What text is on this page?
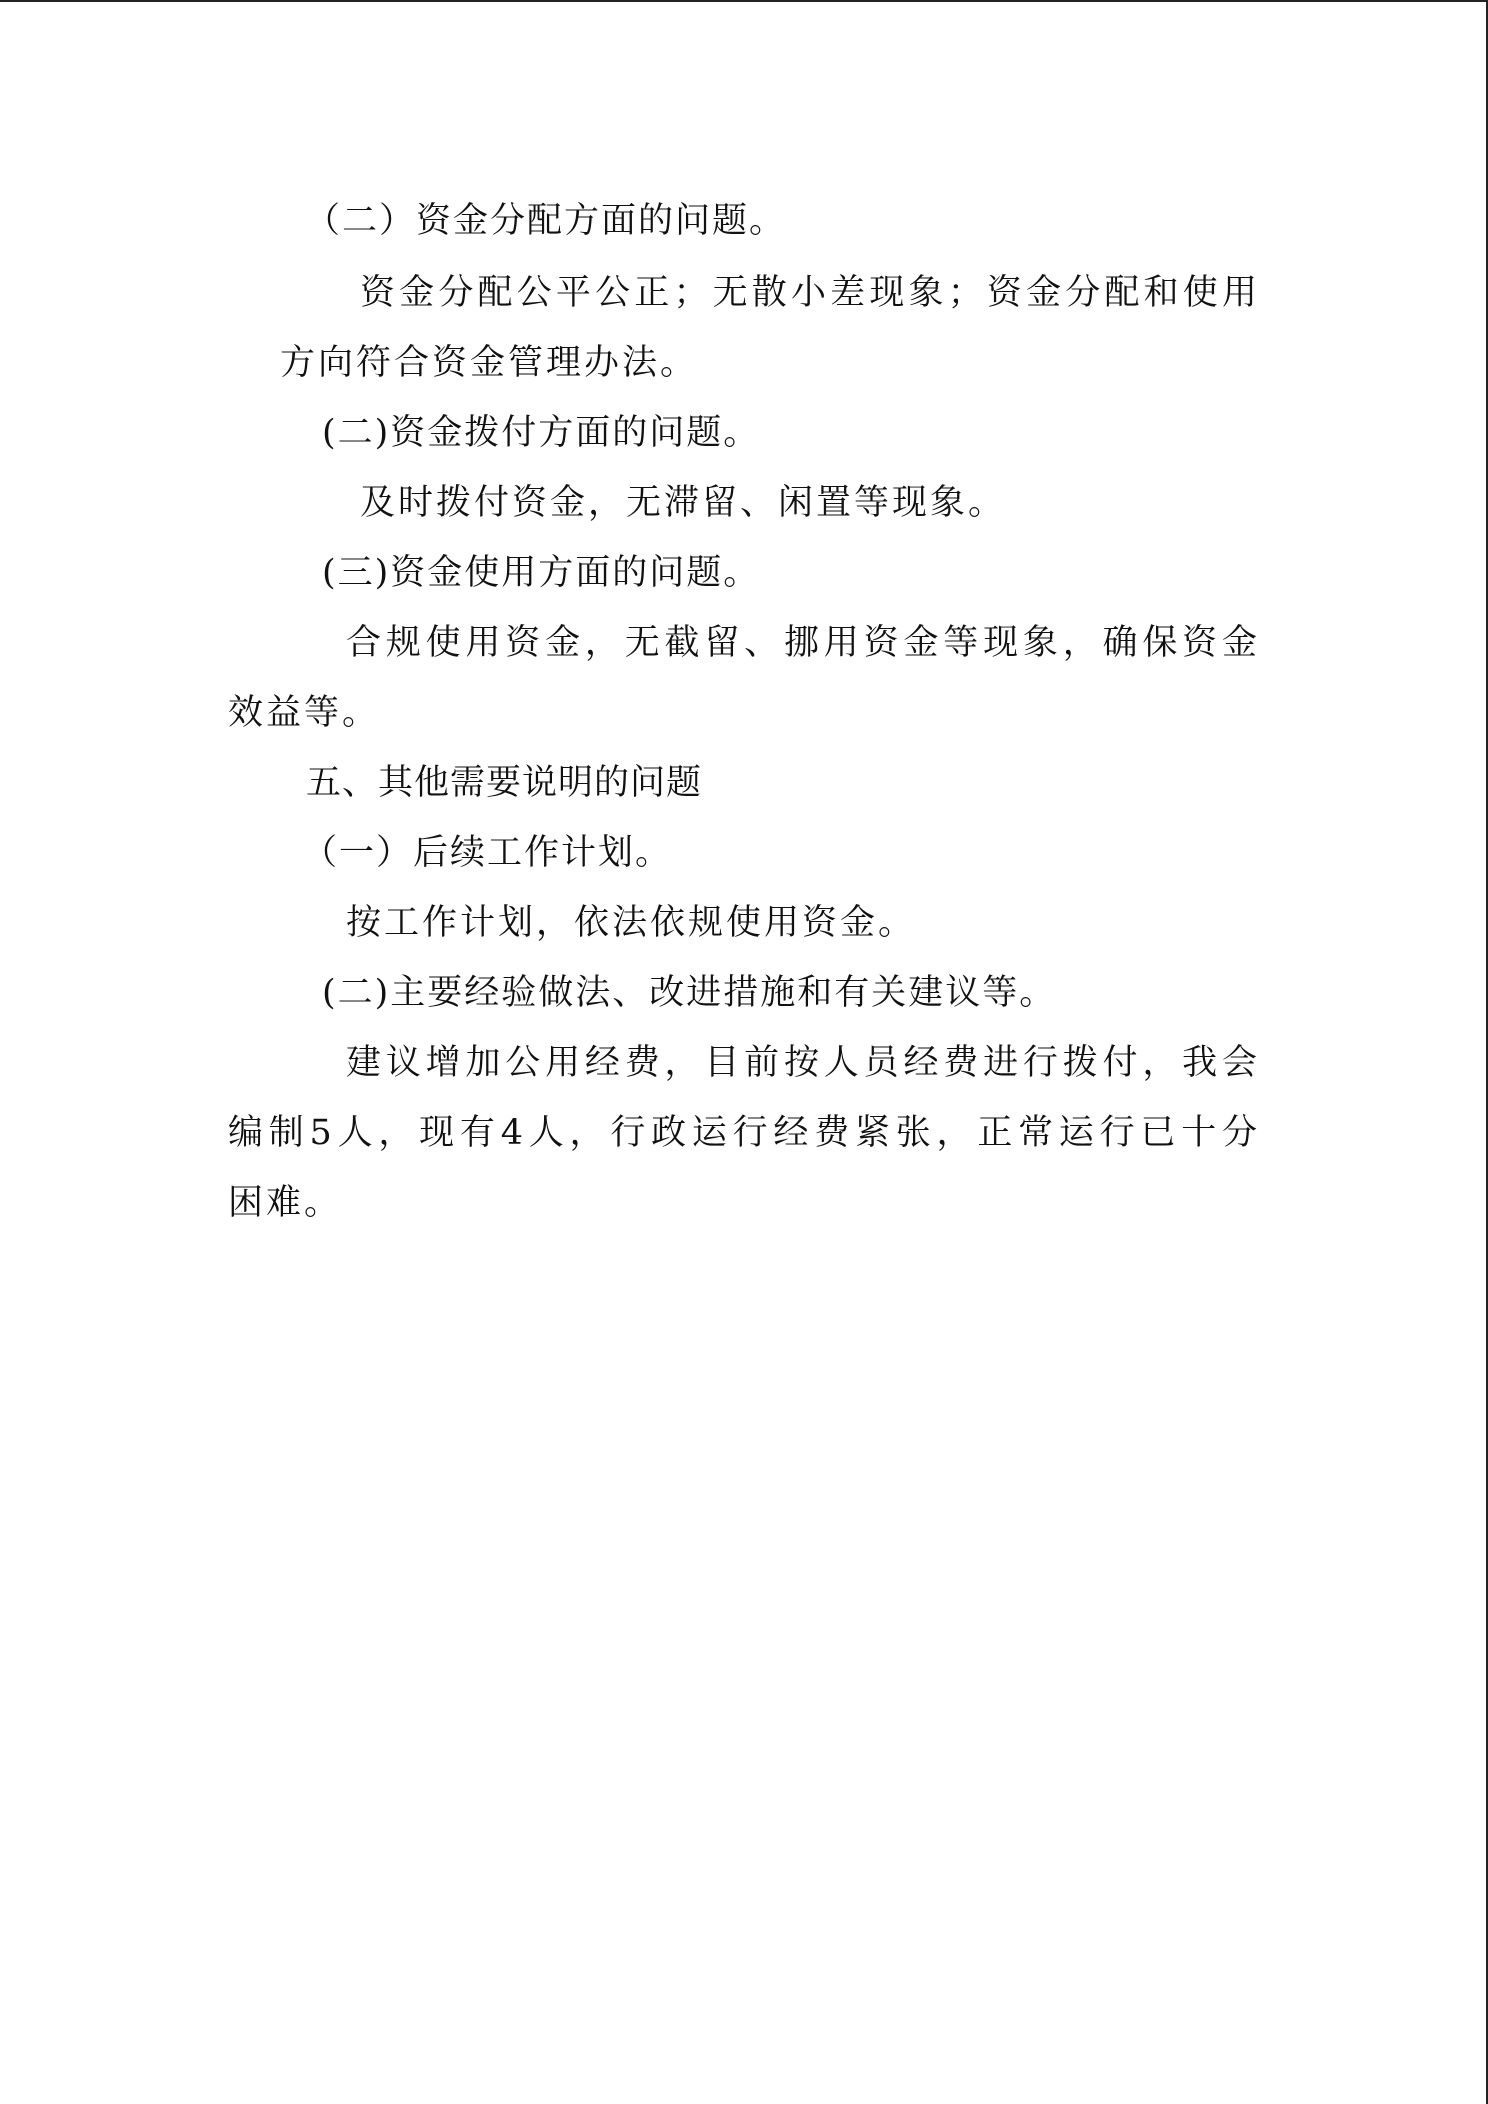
（二）资金分配方面的问题。
资金分配公平公正；无散小差现象；资金分配和使用
方向符合资金管理办法。
(二)资金拨付方面的问题。
及时拨付资金，无滞留、闲置等现象。
(三)资金使用方面的问题。
合规使用资金，无截留、挪用资金等现象，确保资金
效益等。
五、其他需要说明的问题
（一）后续工作计划。
按工作计划，依法依规使用资金。
(二)主要经验做法、改进措施和有关建议等。
建议增加公用经费，目前按人员经费进行拨付，我会
编制5人，现有4人，行政运行经费紧张，正常运行已十分
困难。
